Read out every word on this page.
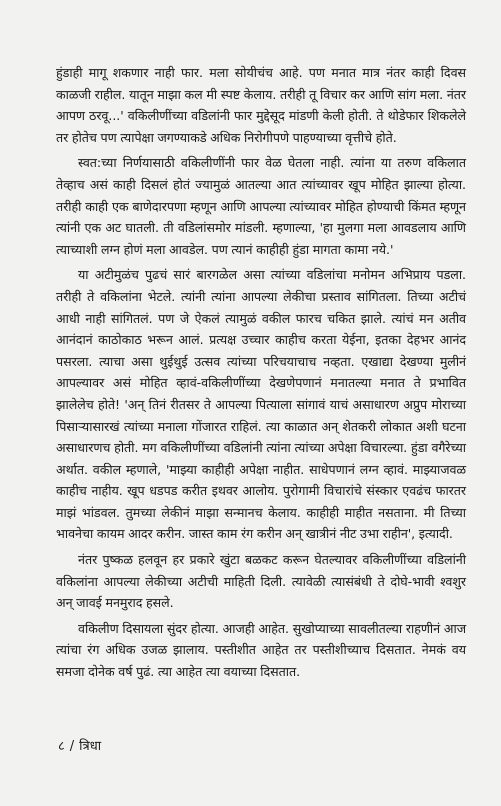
हुंडाही मागू शकणार नाही फार. मला सोयीचंच आहे. पण मनात मात्र नंतर काही दिवस काळजी राहील. यातून माझा कल मी स्पष्ट केलाय. तरीही तू विचार कर आणि सांग मला. नंतर आपण ठरवू...' वकिलीणींच्या वडिलांनी फार मुद्देसूद मांडणी केली होती. ते थोडेफार शिकलेले तर होतेच पण त्यापेक्षा जगण्याकडे अधिक निरोगीपणे पाहण्याच्या वृत्तीचे होते.

स्वत:च्या निर्णयासाठी वकिलीणींनी फार वेळ घेतला नाही. त्यांना या तरुण वकिलात तेव्हाच असं काही दिसलं होतं ज्यामुळं आतल्या आत त्यांच्यावर खूप मोहित झाल्या होत्या. तरीही काही एक बाणेदारपणा म्हणून आणि आपल्या त्यांच्यावर मोहित होण्याची किंमत म्हणून त्यांनी एक अट घातली. ती वडिलांसमोर मांडली. म्हणाल्या, 'हा मुलगा मला आवडलाय आणि त्याच्याशी लग्न होणं मला आवडेल. पण त्यानं काहीही हुंडा मागता कामा नये.'

या अटीमुळंच पुढचं सारं बारगळेल असा त्यांच्या वडिलांचा मनोमन अभिप्राय पडला. तरीही ते वकिलांना भेटले. त्यांनी त्यांना आपल्या लेकीचा प्रस्ताव सांगितला. तिच्या अटीचं आधी नाही सांगितलं. पण जे ऐकलं त्यामुळं वकील फारच चकित झाले. त्यांचं मन अतीव आनंदानं काठोकाठ भरून आलं. प्रत्यक्ष उच्चार काहीच करता येईना, इतका देहभर आनंद पसरला. त्याचा असा थुईथुई उत्सव त्यांच्या परिचयाचाच नव्हता. एखाद्या देखण्या मुलीनं आपल्यावर असं मोहित व्हावं-वकिलीणींच्या देखणेपणानं मनातल्या मनात ते प्रभावित झालेलेच होते! 'अन् तिनं रीतसर ते आपल्या पित्याला सांगावं याचं असाधारण अप्रुप मोराच्या पिसाऱ्यासारखं त्यांच्या मनाला गोंजारत राहिलं. त्या काळात अन् शेतकरी लोकात अशी घटना असाधारणच होती. मग वकिलीणींच्या वडिलांनी त्यांना त्यांच्या अपेक्षा विचारल्या. हुंडा वगैरेच्या अर्थात. वकील म्हणाले, 'माझ्या काहीही अपेक्षा नाहीत. साधेपणानं लग्न व्हावं. माझ्याजवळ काहीच नाहीय. खूप धडपड करीत इथवर आलोय. पुरोगामी विचारांचे संस्कार एवढंच फारतर माझं भांडवल. तुमच्या लेकीनं माझा सन्मानच केलाय. काहीही माहीत नसताना. मी तिच्या भावनेचा कायम आदर करीन. जास्त काम रंग करीन अन् खात्रीनं नीट उभा राहीन', इत्यादी.

नंतर पुष्कळ हलवून हर प्रकारे खुंटा बळकट करून घेतल्यावर वकिलीणींच्या वडिलांनी वकिलांना आपल्या लेकीच्या अटीची माहिती दिली. त्यावेळी त्यासंबंधी ते दोघे-भावी श्वशुर अन् जावई मनमुराद हसले.

वकिलीण दिसायला सुंदर होत्या. आजही आहेत. सुखोप्याच्या सावलीतल्या राहणीनं आज त्यांचा रंग अधिक उजळ झालाय. पस्तीशीत आहेत तर पस्तीशीच्याच दिसतात. नेमकं वय समजा दोनेक वर्ष पुढं. त्या आहेत त्या वयाच्या दिसतात.

८ / त्रिधा
